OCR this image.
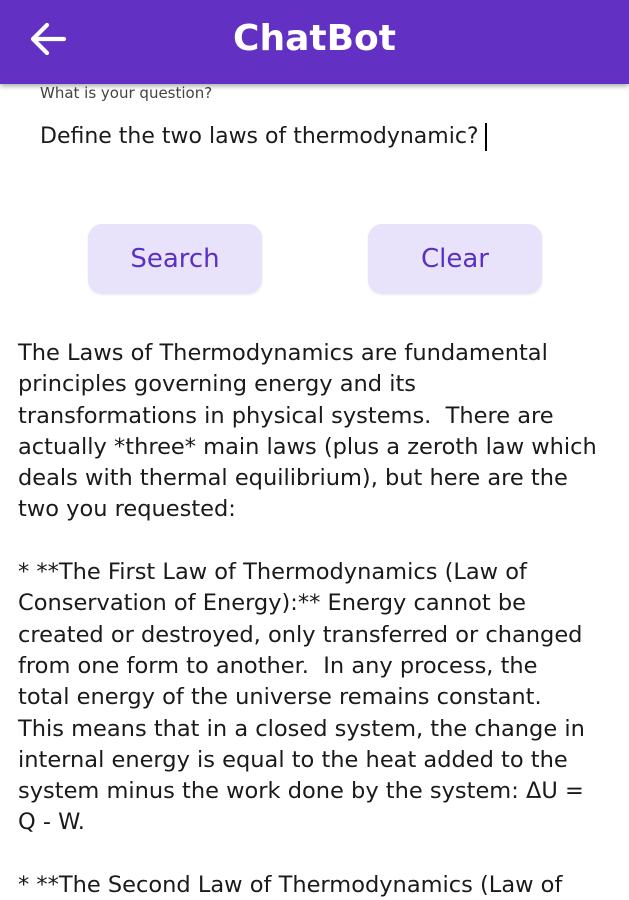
ChatBot
What is your question?
Define the two laws of thermodynamic?
Search	Clear
The Laws of Thermodynamics are fundamental
principles governing energy and its
transformations in physical systems.  There are
actually *three* main laws (plus a zeroth law which
deals with thermal equilibrium), but here are the
two you requested:

* **The First Law of Thermodynamics (Law of
Conservation of Energy):** Energy cannot be
created or destroyed, only transferred or changed
from one form to another.  In any process, the
total energy of the universe remains constant.
This means that in a closed system, the change in
internal energy is equal to the heat added to the
system minus the work done by the system: ΔU =
Q - W.

* **The Second Law of Thermodynamics (Law of
